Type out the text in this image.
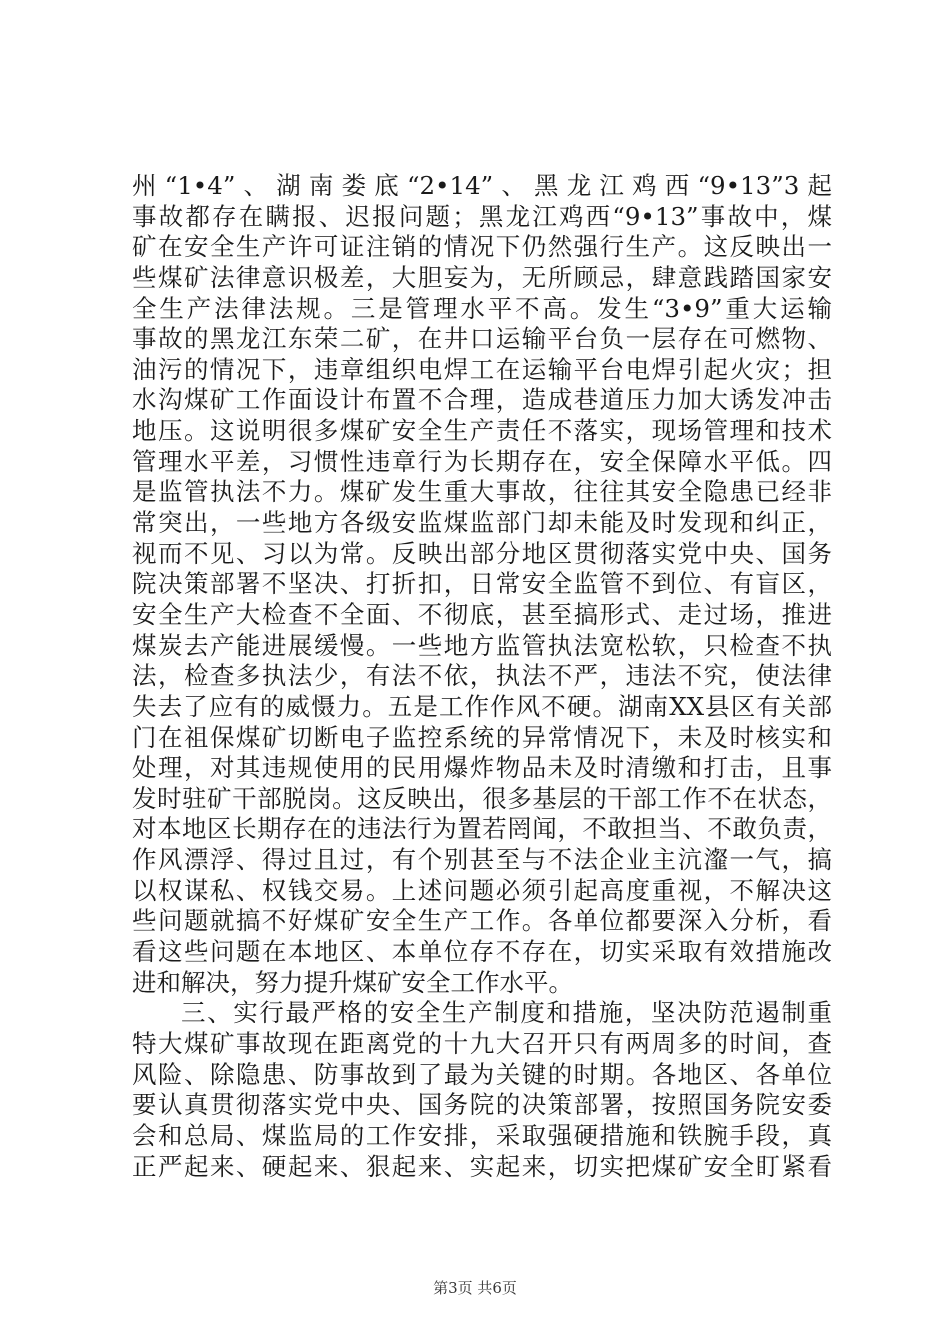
州“1•4”、湖南娄底“2•14”、黑龙江鸡西“9•13”3起
事故都存在瞒报、迟报问题；黑龙江鸡西“9•13”事故中，煤
矿在安全生产许可证注销的情况下仍然强行生产。这反映出一
些煤矿法律意识极差，大胆妄为，无所顾忌，肆意践踏国家安
全生产法律法规。三是管理水平不高。发生“3•9”重大运输
事故的黑龙江东荣二矿，在井口运输平台负一层存在可燃物、
油污的情况下，违章组织电焊工在运输平台电焊引起火灾；担
水沟煤矿工作面设计布置不合理，造成巷道压力加大诱发冲击
地压。这说明很多煤矿安全生产责任不落实，现场管理和技术
管理水平差，习惯性违章行为长期存在，安全保障水平低。四
是监管执法不力。煤矿发生重大事故，往往其安全隐患已经非
常突出，一些地方各级安监煤监部门却未能及时发现和纠正，
视而不见、习以为常。反映出部分地区贯彻落实党中央、国务
院决策部署不坚决、打折扣，日常安全监管不到位、有盲区，
安全生产大检查不全面、不彻底，甚至搞形式、走过场，推进
煤炭去产能进展缓慢。一些地方监管执法宽松软，只检查不执
法，检查多执法少，有法不依，执法不严，违法不究，使法律
失去了应有的威慑力。五是工作作风不硬。湖南XX县区有关部
门在祖保煤矿切断电子监控系统的异常情况下，未及时核实和
处理，对其违规使用的民用爆炸物品未及时清缴和打击，且事
发时驻矿干部脱岗。这反映出，很多基层的干部工作不在状态，
对本地区长期存在的违法行为置若罔闻，不敢担当、不敢负责，
作风漂浮、得过且过，有个别甚至与不法企业主沆瀣一气，搞
以权谋私、权钱交易。上述问题必须引起高度重视，不解决这
些问题就搞不好煤矿安全生产工作。各单位都要深入分析，看
看这些问题在本地区、本单位存不存在，切实采取有效措施改
进和解决，努力提升煤矿安全工作水平。
三、实行最严格的安全生产制度和措施，坚决防范遏制重
特大煤矿事故现在距离党的十九大召开只有两周多的时间，查
风险、除隐患、防事故到了最为关键的时期。各地区、各单位
要认真贯彻落实党中央、国务院的决策部署，按照国务院安委
会和总局、煤监局的工作安排，采取强硬措施和铁腕手段，真
正严起来、硬起来、狠起来、实起来，切实把煤矿安全盯紧看
第3页 共6页
